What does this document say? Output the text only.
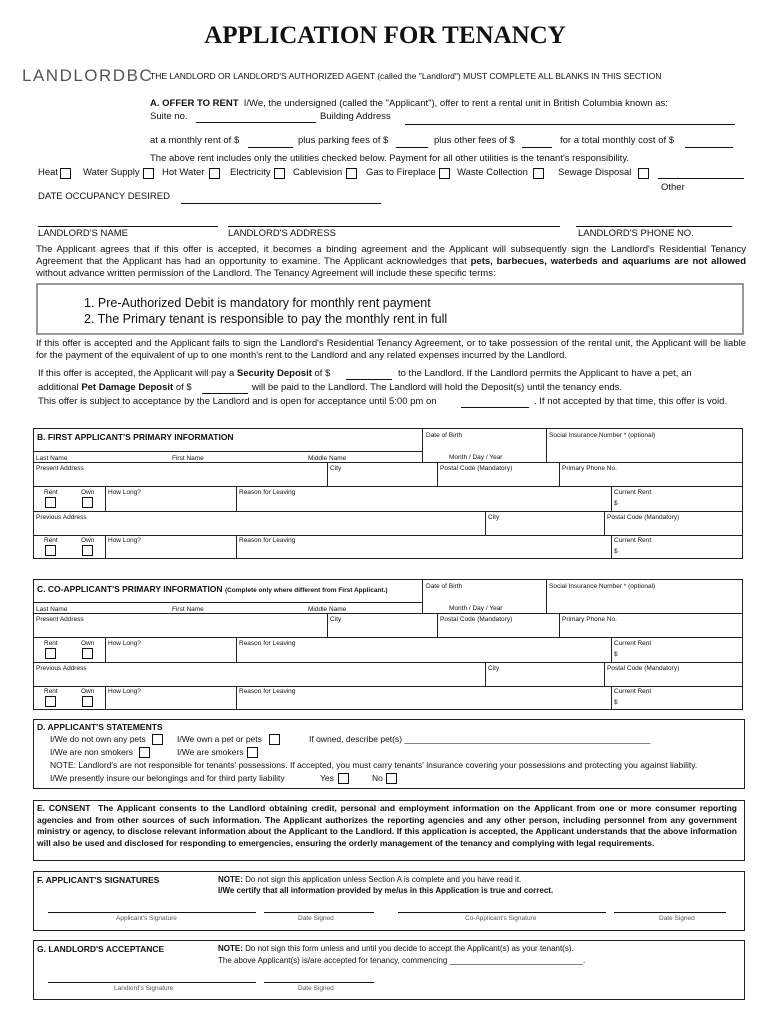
APPLICATION FOR TENANCY
LANDLORDBC
THE LANDLORD OR LANDLORD'S AUTHORIZED AGENT (called the "Landlord") MUST COMPLETE ALL BLANKS IN THIS SECTION
A. OFFER TO RENT I/We, the undersigned (called the "Applicant"), offer to rent a rental unit in British Columbia known as:
Suite no.	Building Address
at a monthly rent of $	plus parking fees of $	plus other fees of $	for a total monthly cost of $
The above rent includes only the utilities checked below. Payment for all other utilities is the tenant's responsibility.
Heat	Water Supply Hot Water	Electricity Cablevision	Gas to Fireplace Waste Collection	Sewage Disposal
Other
DATE OCCUPANCY DESIRED
LANDLORD'S NAME	LANDLORD'S ADDRESS	LANDLORD'S PHONE NO.
The Applicant agrees that if this offer is accepted, it becomes a binding agreement and the Applicant will subsequently sign the Landlord's Residential Tenancy Agreement that the Applicant has had an opportunity to examine. The Applicant acknowledges that pets, barbecues, waterbeds and aquariums are not allowed without advance written permission of the Landlord. The Tenancy Agreement will include these specific terms:
1. Pre-Authorized Debit is mandatory for monthly rent payment
2. The Primary tenant is responsible to pay the monthly rent in full
If this offer is accepted and the Applicant fails to sign the Landlord's Residential Tenancy Agreement, or to take possession of the rental unit, the Applicant will be liable for the payment of the equivalent of up to one month's rent to the Landlord and any related expenses incurred by the Landlord.
If this offer is accepted, the Applicant will pay a Security Deposit of $	to the Landlord. If the Landlord permits the Applicant to have a pet, an
additional Pet Damage Deposit of $	will be paid to the Landlord. The Landlord will hold the Deposit(s) until the tenancy ends.
This offer is subject to acceptance by the Landlord and is open for acceptance until 5:00 pm on	. If not accepted by that time, this offer is void.
B. FIRST APPLICANT'S PRIMARY INFORMATION	Date of Birth	Social Insurance Number * (optional)
Month / Day / Year
Last Name	First Name	Middle Name
Present Address	City	Postal Code (Mandatory)	Primary Phone No.
Rent	Own How Long?	Reason for Leaving	Current Rent
$
Previous Address	City	Postal Code (Mandatory)
Rent	Own How Long?	Reason for Leaving	Current Rent
$
C. CO-APPLICANT'S PRIMARY INFORMATION (Complete only where different from First Applicant.)
Date of Birth	Social Insurance Number * (optional)
Month / Day / Year
Last Name	First Name	Middle Name
Present Address	City	Postal Code (Mandatory)	Primary Phone No.
Rent	Own How Long?	Reason for Leaving	Current Rent
$
Previous Address	City	Postal Code (Mandatory)
Rent	Own How Long?	Reason for Leaving	Current Rent
$
D. APPLICANT'S STATEMENTS
I/We do not own any pets	I/We own a pet or pets	If owned, describe pet(s) ____________________________________________________
I/We are non smokers	I/We are smokers
NOTE: Landlord's are not responsible for tenants' possessions. If accepted, you must carry tenants' insurance covering your possessions and protecting you against liability.
I/We presently insure our belongings and for third party liability	Yes	No
E. CONSENT The Applicant consents to the Landlord obtaining credit, personal and employment information on the Applicant from one or more consumer reporting agencies and from other sources of such information. The Applicant authorizes the reporting agencies and any other person, including personnel from any government ministry or agency, to disclose relevant information about the Applicant to the Landlord. If this application is accepted, the Applicant understands that the above information will also be used and disclosed for responding to emergencies, ensuring the orderly management of the tenancy and complying with legal requirements.
F. APPLICANT'S SIGNATURES	NOTE: Do not sign this application unless Section A is complete and you have read it.
I/We certify that all information provided by me/us in this Application is true and correct.
Applicant's Signature	Date Signed	Co-Applicant's Signature	Date Signed
G. LANDLORD'S ACCEPTANCE	NOTE: Do not sign this form unless and until you decide to accept the Applicant(s) as your tenant(s).
The above Applicant(s) is/are accepted for tenancy, commencing ______________________________.
Landlord's Signature	Date Signed
